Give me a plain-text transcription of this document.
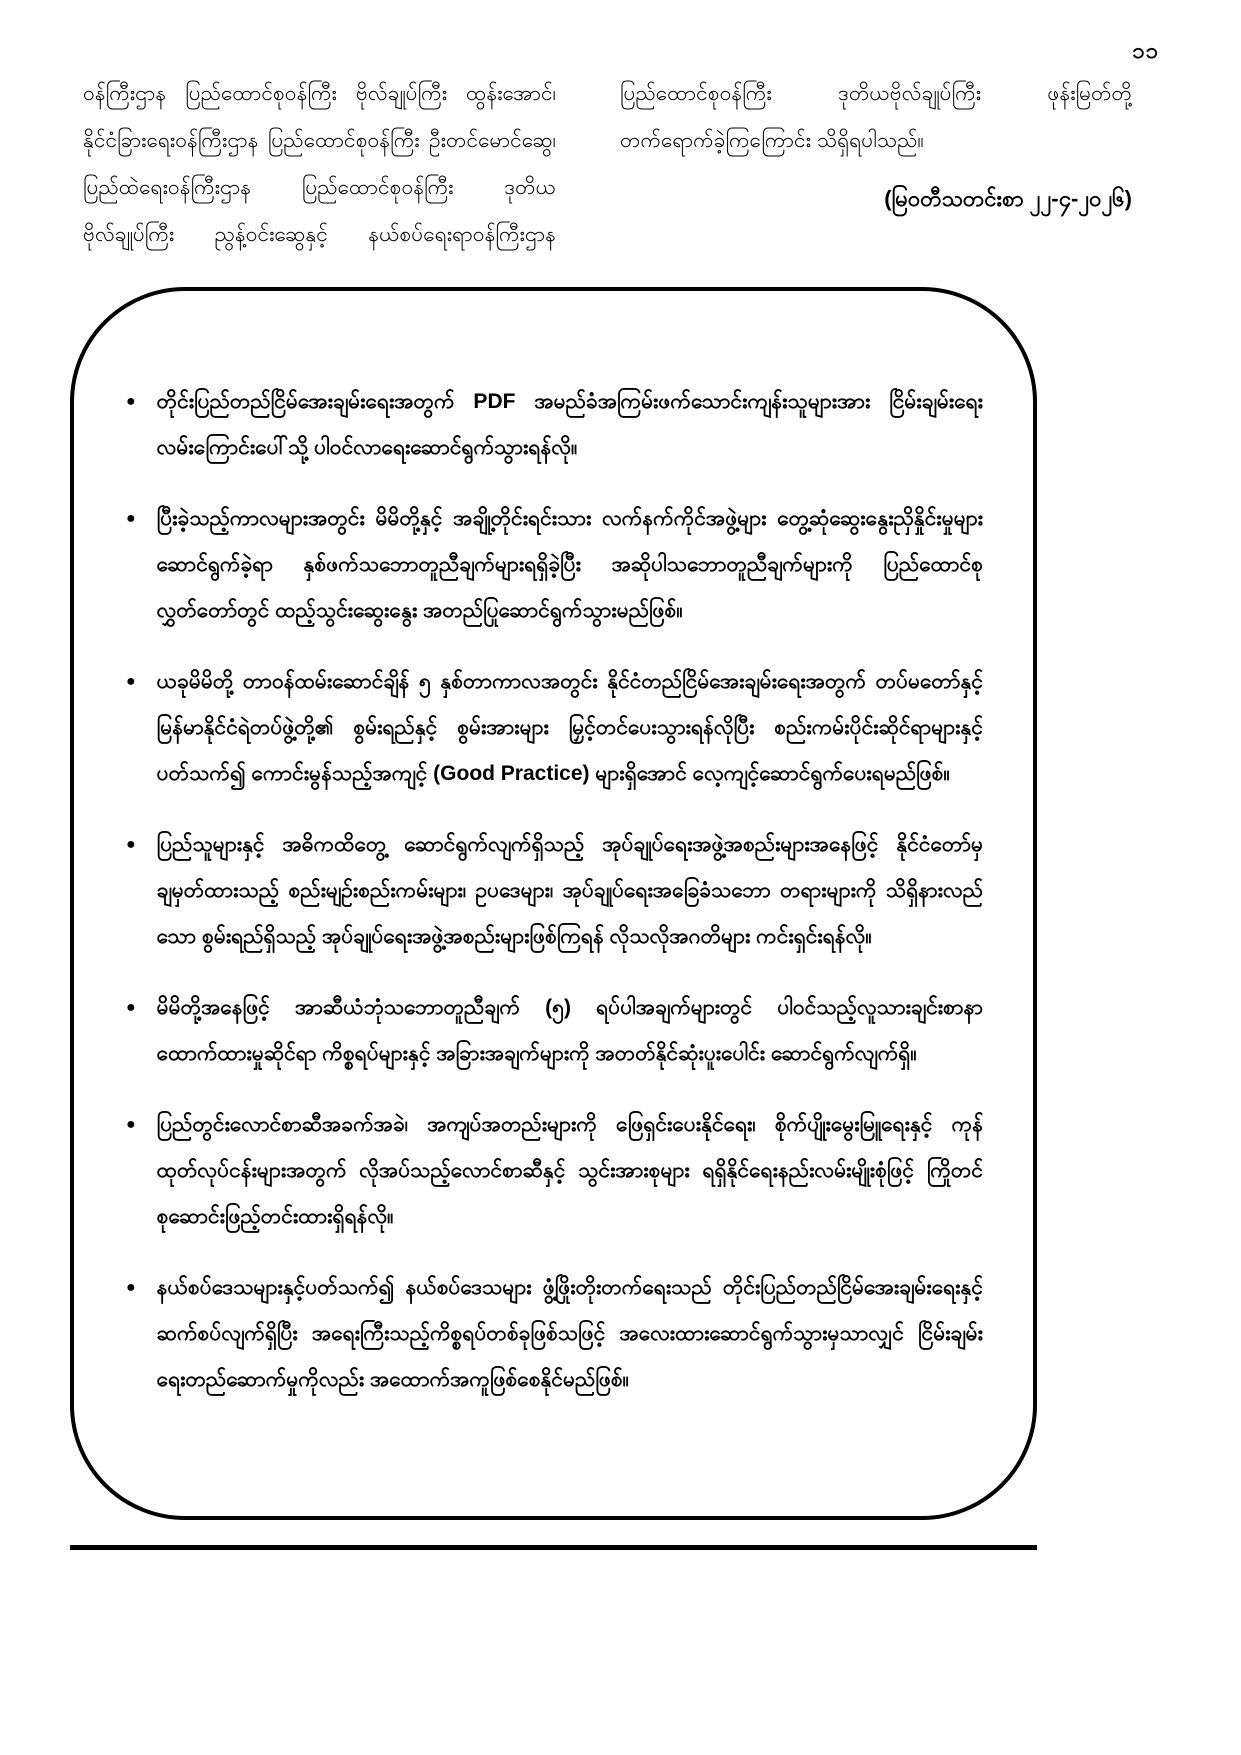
၁၁
ဝန်ကြီးဌာန ပြည်ထောင်စုဝန်ကြီး ဗိုလ်ချုပ်ကြီး ထွန်းအောင်၊
နိုင်ငံခြားရေးဝန်ကြီးဌာန ပြည်ထောင်စုဝန်ကြီး ဦးတင်မောင်ဆွေ၊
ပြည်ထဲရေးဝန်ကြီးဌာန ပြည်ထောင်စုဝန်ကြီး ဒုတိယ
ဗိုလ်ချုပ်ကြီး ညွန့်ဝင်းဆွေနှင့် နယ်စပ်ရေးရာဝန်ကြီးဌာန
ပြည်ထောင်စုဝန်ကြီး ဒုတိယဗိုလ်ချုပ်ကြီး ဖုန်းမြတ်တို့
တက်ရောက်ခဲ့ကြကြောင်း သိရှိရပါသည်။
(မြဝတီသတင်းစာ ၂၂-၄-၂၀၂၆)
● တိုင်းပြည်တည်ငြိမ်အေးချမ်းရေးအတွက် PDF အမည်ခံအကြမ်းဖက်သောင်းကျန်းသူများအား ငြိမ်းချမ်းရေး လမ်းကြောင်းပေါ်သို့ ပါဝင်လာရေးဆောင်ရွက်သွားရန်လို။
● ပြီးခဲ့သည့်ကာလများအတွင်း မိမိတို့နှင့် အချို့တိုင်းရင်းသား လက်နက်ကိုင်အဖွဲ့များ တွေ့ဆုံဆွေးနွေးညှိနှိုင်းမှုများ ဆောင်ရွက်ခဲ့ရာ နှစ်ဖက်သဘောတူညီချက်များရရှိခဲ့ပြီး အဆိုပါသဘောတူညီချက်များကို ပြည်ထောင်စုလွှတ်တော်တွင် ထည့်သွင်းဆွေးနွေး အတည်ပြုဆောင်ရွက်သွားမည်ဖြစ်။
● ယခုမိမိတို့ တာဝန်ထမ်းဆောင်ချိန် ၅ နှစ်တာကာလအတွင်း နိုင်ငံတည်ငြိမ်အေးချမ်းရေးအတွက် တပ်မတော်နှင့် မြန်မာနိုင်ငံရဲတပ်ဖွဲ့တို့၏ စွမ်းရည်နှင့် စွမ်းအားများ မြှင့်တင်ပေးသွားရန်လိုပြီး စည်းကမ်းပိုင်းဆိုင်ရာများနှင့် ပတ်သက်၍ ကောင်းမွန်သည့်အကျင့် (Good Practice) များရှိအောင် လေ့ကျင့်ဆောင်ရွက်ပေးရမည်ဖြစ်။
● ပြည်သူများနှင့် အဓိကထိတွေ့ ဆောင်ရွက်လျက်ရှိသည့် အုပ်ချုပ်ရေးအဖွဲ့အစည်းများအနေဖြင့် နိုင်ငံတော်မှ ချမှတ်ထားသည့် စည်းမျဉ်းစည်းကမ်းများ၊ ဥပဒေများ၊ အုပ်ချုပ်ရေးအခြေခံသဘော တရားများကို သိရှိနားလည်သော စွမ်းရည်ရှိသည့် အုပ်ချုပ်ရေးအဖွဲ့အစည်းများဖြစ်ကြရန် လိုသလိုအဂတိများ ကင်းရှင်းရန်လို။
● မိမိတို့အနေဖြင့် အာဆီယံဘုံသဘောတူညီချက် (၅) ရပ်ပါအချက်များတွင် ပါဝင်သည့်လူသားချင်းစာနာထောက်ထားမှုဆိုင်ရာ ကိစ္စရပ်များနှင့် အခြားအချက်များကို အတတ်နိုင်ဆုံးပူးပေါင်း ဆောင်ရွက်လျက်ရှိ။
● ပြည်တွင်းလောင်စာဆီအခက်အခဲ၊ အကျပ်အတည်းများကို ဖြေရှင်းပေးနိုင်ရေး၊ စိုက်ပျိုးမွေးမြူရေးနှင့် ကုန်ထုတ်လုပ်ငန်းများအတွက် လိုအပ်သည့်လောင်စာဆီနှင့် သွင်းအားစုများ ရရှိနိုင်ရေးနည်းလမ်းမျိုးစုံဖြင့် ကြိုတင်စုဆောင်းဖြည့်တင်းထားရှိရန်လို။
● နယ်စပ်ဒေသများနှင့်ပတ်သက်၍ နယ်စပ်ဒေသများ ဖွံ့ဖြိုးတိုးတက်ရေးသည် တိုင်းပြည်တည်ငြိမ်အေးချမ်းရေးနှင့် ဆက်စပ်လျက်ရှိပြီး အရေးကြီးသည့်ကိစ္စရပ်တစ်ခုဖြစ်သဖြင့် အလေးထားဆောင်ရွက်သွားမှသာလျှင် ငြိမ်းချမ်းရေးတည်ဆောက်မှုကိုလည်း အထောက်အကူဖြစ်စေနိုင်မည်ဖြစ်။
